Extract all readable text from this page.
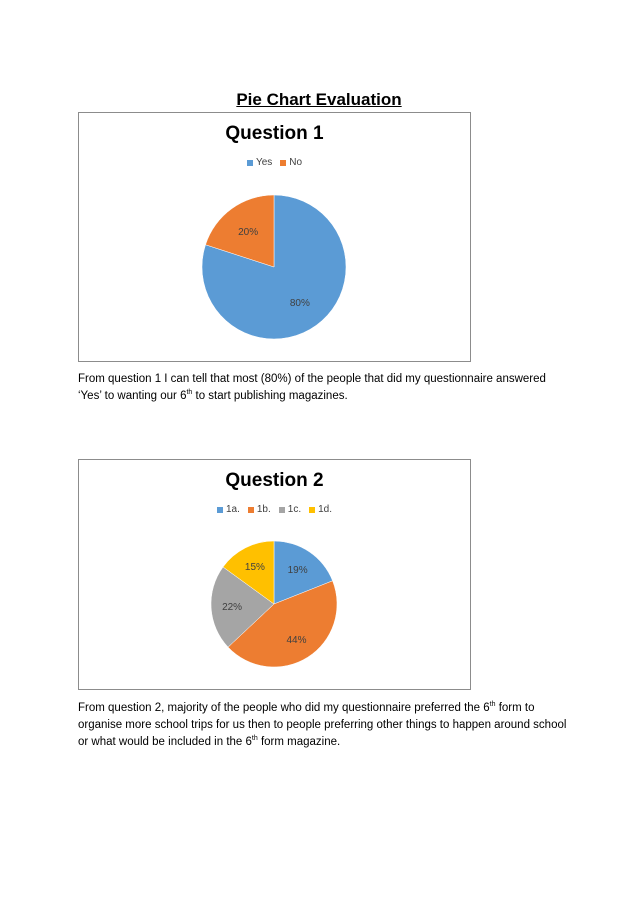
Pie Chart Evaluation
Question 1
Yes No
80%
20%
From question 1 I can tell that most (80%) of the people that did my questionnaire answered ‘Yes’ to wanting our 6th to start publishing magazines.
Question 2
1a. 1b. 1c. 1d.
19%
44%
22%
15%
From question 2, majority of the people who did my questionnaire preferred the 6th form to organise more school trips for us then to people preferring other things to happen around school or what would be included in the 6th form magazine.
